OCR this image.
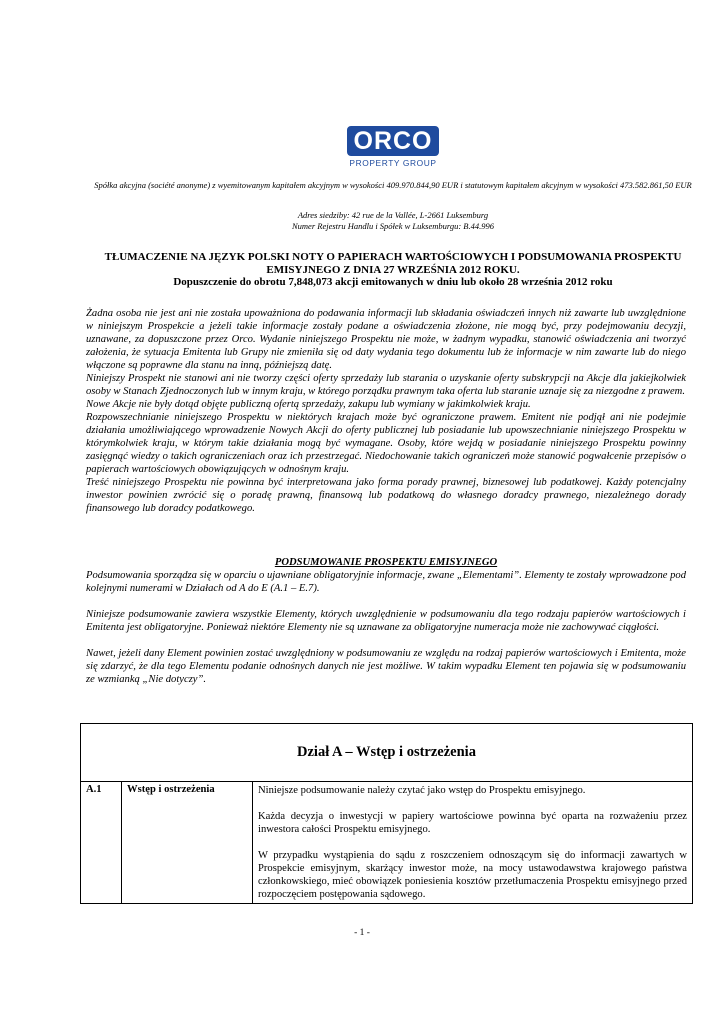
ORCO
PROPERTY GROUP
Spółka akcyjna (société anonyme) z wyemitowanym kapitałem akcyjnym w wysokości 409.970.844,90 EUR i statutowym kapitałem akcyjnym w wysokości 473.582.861,50 EUR
Adres siedziby: 42 rue de la Vallée, L-2661 Luksemburg
Numer Rejestru Handlu i Spółek w Luksemburgu: B.44.996
TŁUMACZENIE NA JĘZYK POLSKI NOTY O PAPIERACH WARTOŚCIOWYCH I PODSUMOWANIA PROSPEKTU EMISYJNEGO Z DNIA 27 WRZEŚNIA 2012 ROKU.
Dopuszczenie do obrotu 7,848,073 akcji emitowanych w dniu lub około 28 września 2012 roku

Żadna osoba nie jest ani nie została upoważniona do podawania informacji lub składania oświadczeń innych niż zawarte lub uwzględnione w niniejszym Prospekcie a jeżeli takie informacje zostały podane a oświadczenia złożone, nie mogą być, przy podejmowaniu decyzji, uznawane, za dopuszczone przez Orco. Wydanie niniejszego Prospektu nie może, w żadnym wypadku, stanowić oświadczenia ani tworzyć założenia, że sytuacja Emitenta lub Grupy nie zmieniła się od daty wydania tego dokumentu lub że informacje w nim zawarte lub do niego włączone są poprawne dla stanu na inną, późniejszą datę.

Niniejszy Prospekt nie stanowi ani nie tworzy części oferty sprzedaży lub starania o uzyskanie oferty subskrypcji na Akcje dla jakiejkolwiek osoby w Stanach Zjednoczonych lub w innym kraju, w którego porządku prawnym taka oferta lub staranie uznaje się za niezgodne z prawem.

Nowe Akcje nie były dotąd objęte publiczną ofertą sprzedaży, zakupu lub wymiany w jakimkolwiek kraju.

Rozpowszechnianie niniejszego Prospektu w niektórych krajach może być ograniczone prawem. Emitent nie podjął ani nie podejmie działania umożliwiającego wprowadzenie Nowych Akcji do oferty publicznej lub posiadanie lub upowszechnianie niniejszego Prospektu w którymkolwiek kraju, w którym takie działania mogą być wymagane. Osoby, które wejdą w posiadanie niniejszego Prospektu powinny zasięgnąć wiedzy o takich ograniczeniach oraz ich przestrzegać. Niedochowanie takich ograniczeń może stanowić pogwałcenie przepisów o papierach wartościowych obowiązujących w odnośnym kraju.

Treść niniejszego Prospektu nie powinna być interpretowana jako forma porady prawnej, biznesowej lub podatkowej. Każdy potencjalny inwestor powinien zwrócić się o poradę prawną, finansową lub podatkową do własnego doradcy prawnego, niezależnego dorady finansowego lub doradcy podatkowego.

PODSUMOWANIE PROSPEKTU EMISYJNEGO

Podsumowania sporządza się w oparciu o ujawniane obligatoryjnie informacje, zwane „Elementami”. Elementy te zostały wprowadzone pod kolejnymi numerami w Działach od A do E (A.1 – E.7).

Niniejsze podsumowanie zawiera wszystkie Elementy, których uwzględnienie w podsumowaniu dla tego rodzaju papierów wartościowych i Emitenta jest obligatoryjne. Ponieważ niektóre Elementy nie są uznawane za obligatoryjne numeracja może nie zachowywać ciągłości.

Nawet, jeżeli dany Element powinien zostać uwzględniony w podsumowaniu ze względu na rodzaj papierów wartościowych i Emitenta, może się zdarzyć, że dla tego Elementu podanie odnośnych danych nie jest możliwe. W takim wypadku Element ten pojawia się w podsumowaniu ze wzmianką „Nie dotyczy”.

Dział A – Wstęp i ostrzeżenia
A.1	Wstęp i ostrzeżenia	Niniejsze podsumowanie należy czytać jako wstęp do Prospektu emisyjnego.

Każda decyzja o inwestycji w papiery wartościowe powinna być oparta na rozważeniu przez inwestora całości Prospektu emisyjnego.

W przypadku wystąpienia do sądu z roszczeniem odnoszącym się do informacji zawartych w Prospekcie emisyjnym, skarżący inwestor może, na mocy ustawodawstwa krajowego państwa członkowskiego, mieć obowiązek poniesienia kosztów przetłumaczenia Prospektu emisyjnego przed rozpoczęciem postępowania sądowego.

- 1 -
